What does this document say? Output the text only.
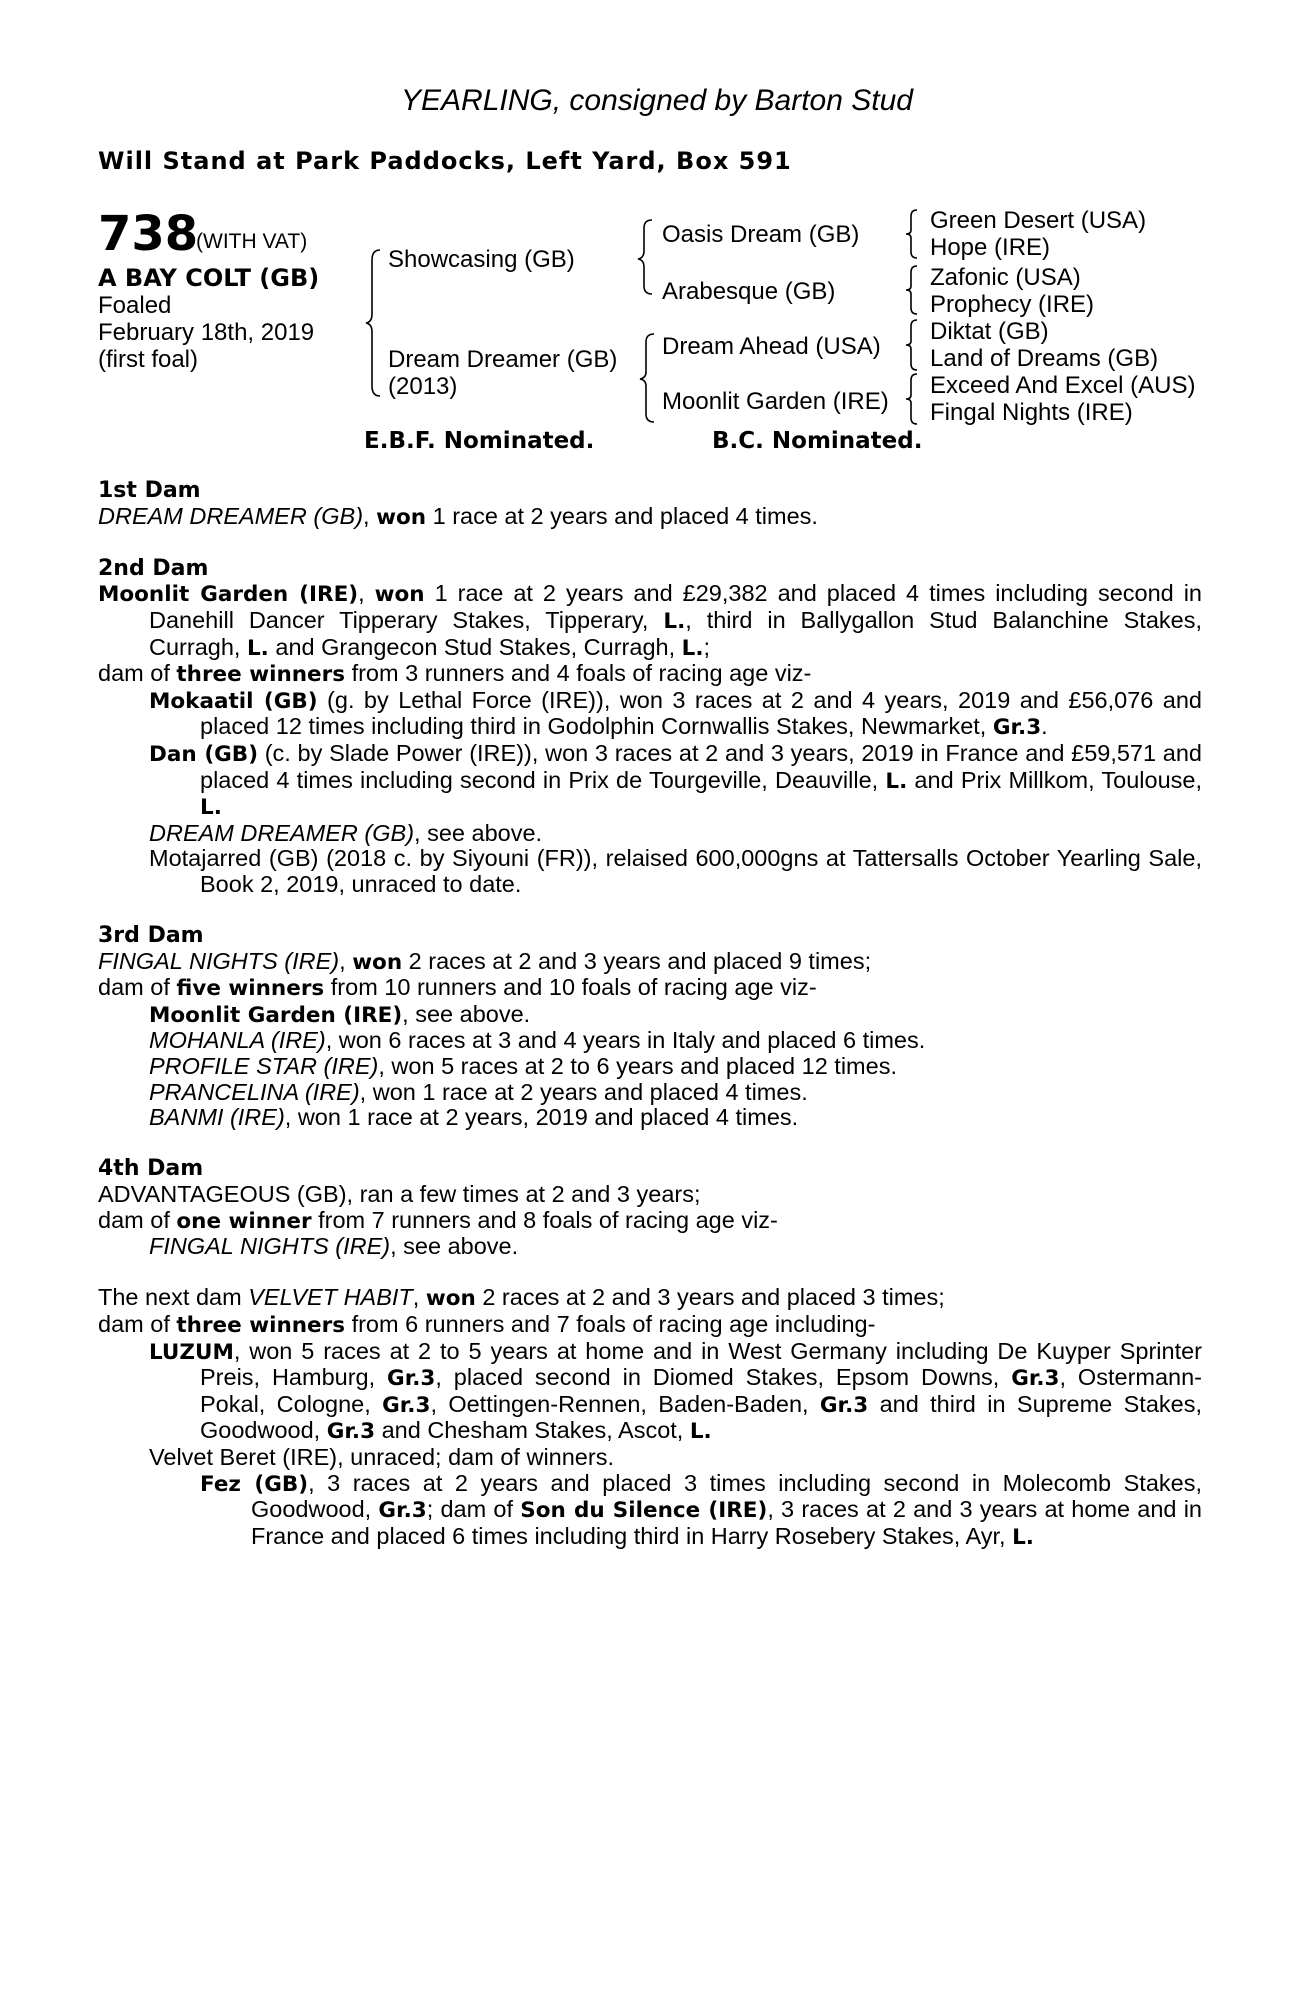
YEARLING, consigned by Barton Stud
Will Stand at Park Paddocks, Left Yard, Box 591
738
(WITH VAT)
A BAY COLT (GB)
Foaled
February 18th, 2019
(first foal)
Showcasing (GB)
Dream Dreamer (GB)
(2013)
Oasis Dream (GB)
Arabesque (GB)
Dream Ahead (USA)
Moonlit Garden (IRE)
Green Desert (USA)
Hope (IRE)
Zafonic (USA)
Prophecy (IRE)
Diktat (GB)
Land of Dreams (GB)
Exceed And Excel (AUS)
Fingal Nights (IRE)
E.B.F. Nominated.	B.C. Nominated.
1st Dam
DREAM DREAMER (GB), won 1 race at 2 years and placed 4 times.
2nd Dam
Moonlit Garden (IRE), won 1 race at 2 years and £29,382 and placed 4 times including second in Danehill Dancer Tipperary Stakes, Tipperary, L., third in Ballygallon Stud Balanchine Stakes, Curragh, L. and Grangecon Stud Stakes, Curragh, L.;
dam of three winners from 3 runners and 4 foals of racing age viz-
Mokaatil (GB) (g. by Lethal Force (IRE)), won 3 races at 2 and 4 years, 2019 and £56,076 and placed 12 times including third in Godolphin Cornwallis Stakes, Newmarket, Gr.3.
Dan (GB) (c. by Slade Power (IRE)), won 3 races at 2 and 3 years, 2019 in France and £59,571 and placed 4 times including second in Prix de Tourgeville, Deauville, L. and Prix Millkom, Toulouse, L.
DREAM DREAMER (GB), see above.
Motajarred (GB) (2018 c. by Siyouni (FR)), relaised 600,000gns at Tattersalls October Yearling Sale, Book 2, 2019, unraced to date.
3rd Dam
FINGAL NIGHTS (IRE), won 2 races at 2 and 3 years and placed 9 times;
dam of five winners from 10 runners and 10 foals of racing age viz-
Moonlit Garden (IRE), see above.
MOHANLA (IRE), won 6 races at 3 and 4 years in Italy and placed 6 times.
PROFILE STAR (IRE), won 5 races at 2 to 6 years and placed 12 times.
PRANCELINA (IRE), won 1 race at 2 years and placed 4 times.
BANMI (IRE), won 1 race at 2 years, 2019 and placed 4 times.
4th Dam
ADVANTAGEOUS (GB), ran a few times at 2 and 3 years;
dam of one winner from 7 runners and 8 foals of racing age viz-
FINGAL NIGHTS (IRE), see above.
The next dam VELVET HABIT, won 2 races at 2 and 3 years and placed 3 times;
dam of three winners from 6 runners and 7 foals of racing age including-
LUZUM, won 5 races at 2 to 5 years at home and in West Germany including De Kuyper Sprinter Preis, Hamburg, Gr.3, placed second in Diomed Stakes, Epsom Downs, Gr.3, Ostermann-Pokal, Cologne, Gr.3, Oettingen-Rennen, Baden-Baden, Gr.3 and third in Supreme Stakes, Goodwood, Gr.3 and Chesham Stakes, Ascot, L.
Velvet Beret (IRE), unraced; dam of winners.
Fez (GB), 3 races at 2 years and placed 3 times including second in Molecomb Stakes, Goodwood, Gr.3; dam of Son du Silence (IRE), 3 races at 2 and 3 years at home and in France and placed 6 times including third in Harry Rosebery Stakes, Ayr, L.
